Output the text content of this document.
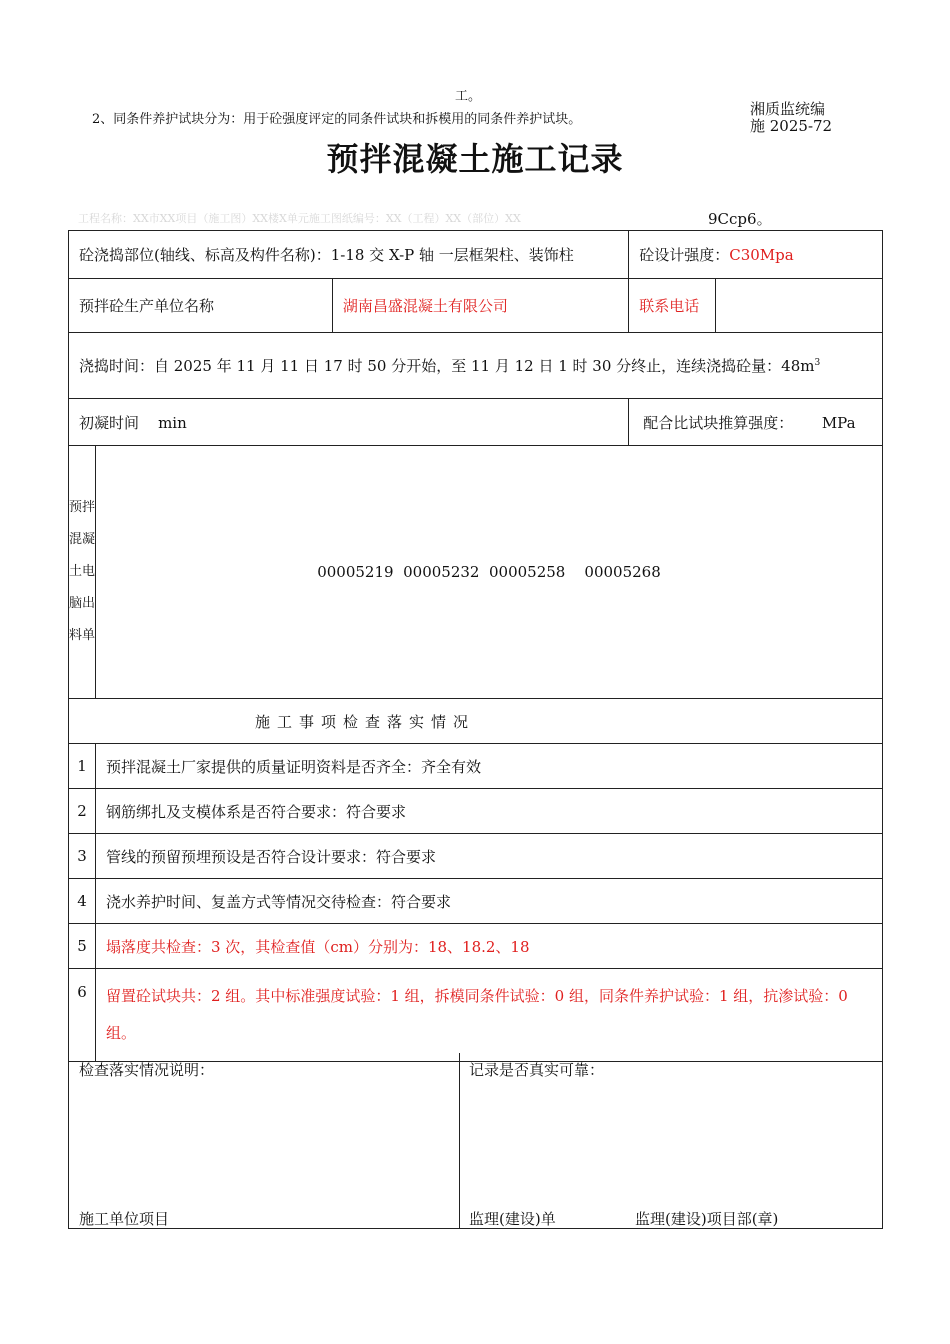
工。
2、同条件养护试块分为：用于砼强度评定的同条件试块和拆模用的同条件养护试块。
湘质监统编
施 2025-72
预拌混凝土施工记录
工程名称：XX市XX项目（施工图）XX楼X单元施工图纸编号：XX（工程）XX（部位）XX	9Ccp6。
砼浇捣部位(轴线、标高及构件名称)：1-18 交 X-P 轴 一层框架柱、装饰柱			砼设计强度：C30Mpa	
预拌砼生产单位名称		湖南昌盛混凝土有限公司	联系电话	
浇捣时间：自 2025 年 11 月 11 日 17 时 50 分开始，至 11 月 12 日 1 时 30 分终止，连续浇捣砼量：$48m^3$
初凝时间    min			配合比试块推算强度：      MPa	

预拌
混凝
土电
脑出
料单	00005219  00005232  00005258    00005268			
施工事项检查落实情况				
1	预拌混凝土厂家提供的质量证明资料是否齐全：齐全有效			
2	钢筋绑扎及支模体系是否符合要求：符合要求			
3	管线的预留预埋预设是否符合设计要求：符合要求			
4	浇水养护时间、复盖方式等情况交待检查：符合要求			
5	塌落度共检查：3 次，其检查值（cm）分别为：18、18.2、18			
6	留置砼试块共：2 组。其中标准强度试验：1 组，拆模同条件试验：0 组，同条件养护试验：1 组，抗渗试验：0 组。			
检查落实情况说明：	记录是否真实可靠：
施工单位项目	监理(建设)单	监理(建设)项目部(章)
